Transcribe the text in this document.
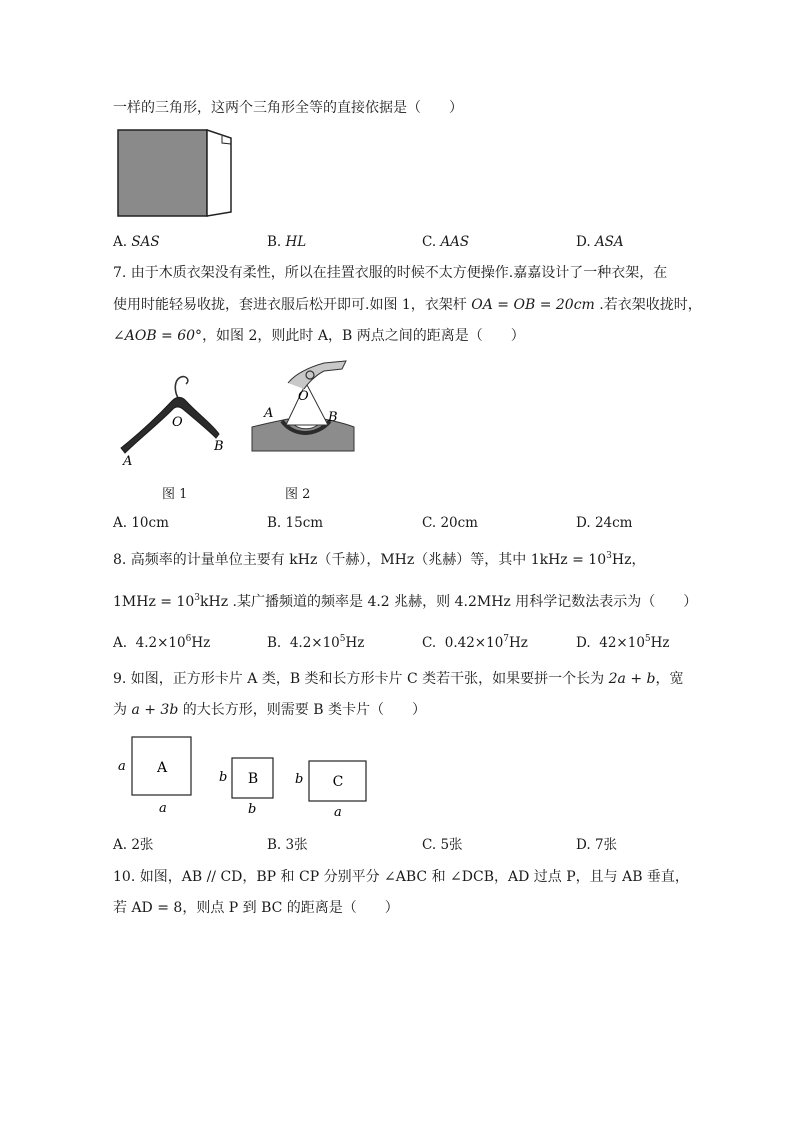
一样的三角形，这两个三角形全等的直接依据是（　　）
A. SAS	B. HL	C. AAS	D. ASA
7. 由于木质衣架没有柔性，所以在挂置衣服的时候不太方便操作.嘉嘉设计了一种衣架，在
使用时能轻易收拢，套进衣服后松开即可.如图 1，衣架杆 OA = OB = 20cm .若衣架收拢时，
∠AOB = 60°，如图 2，则此时 A，B 两点之间的距离是（　　）
O
A
B
图 1
O
A	B
图 2
A. 10cm	B. 15cm	C. 20cm	D. 24cm
8. 高频率的计量单位主要有 kHz（千赫），MHz（兆赫）等，其中 $1kHz = 10^3Hz$，
$1MHz = 10^3kHz$ .某广播频道的频率是 4.2 兆赫，则 4.2MHz 用科学记数法表示为（　　）
A. $4.2\times 10^6Hz$	B. $4.2\times 10^5Hz$	C. $0.42\times 10^7Hz$	D. $42\times 10^5Hz$
9. 如图，正方形卡片 A 类，B 类和长方形卡片 C 类若干张，如果要拼一个长为 2a + b，宽
为 a + 3b 的大长方形，则需要 B 类卡片（　　）
A
a
a
B
b
b
C
b
a
A. 2张	B. 3张	C. 5张	D. 7张
10. 如图，AB // CD，BP 和 CP 分别平分 ∠ABC 和 ∠DCB，AD 过点 P，且与 AB 垂直，
若 AD = 8，则点 P 到 BC 的距离是（　　）
